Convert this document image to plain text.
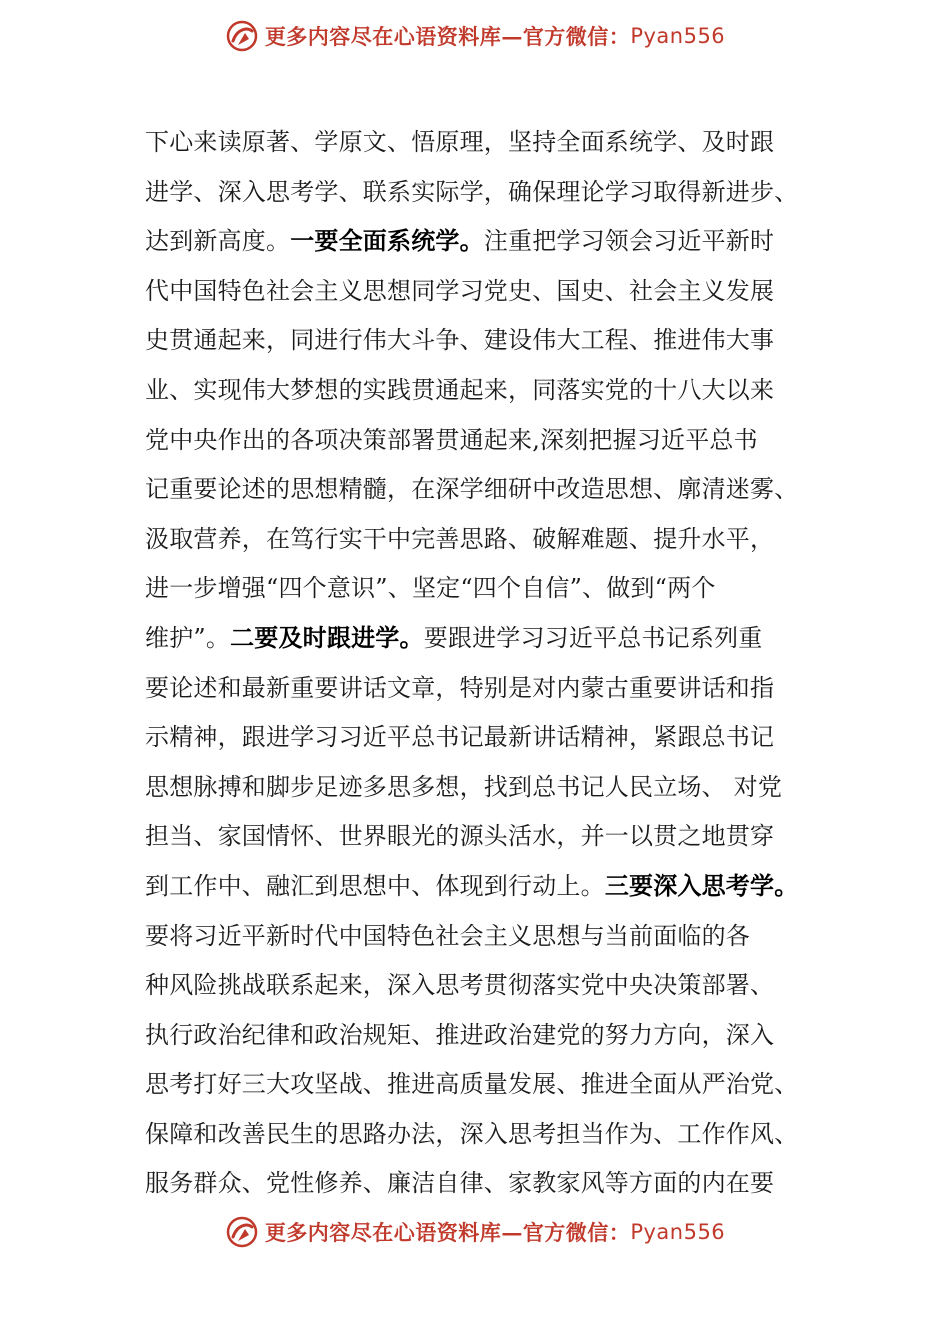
更多内容尽在心语资料库 —官方微信： Pyan556
下心来读原著、学原文、悟原理，坚持全面系统学、及时跟
进学、深入思考学、联系实际学，确保理论学习取得新进步、
达到新高度。一要全面系统学。注重把学习领会习近平新时
代中国特色社会主义思想同学习党史、国史、社会主义发展
史贯通起来，同进行伟大斗争、建设伟大工程、推进伟大事
业、实现伟大梦想的实践贯通起来，同落实党的十八大以来
党中央作出的各项决策部署贯通起来,深刻把握习近平总书
记重要论述的思想精髓，在深学细研中改造思想、廓清迷雾、
汲取营养，在笃行实干中完善思路、破解难题、提升水平，
进一步增强“四个意识”、坚定“四个自信”、做到“两个
维护”。二要及时跟进学。要跟进学习习近平总书记系列重
要论述和最新重要讲话文章，特别是对内蒙古重要讲话和指
示精神，跟进学习习近平总书记最新讲话精神，紧跟总书记
思想脉搏和脚步足迹多思多想，找到总书记人民立场、 对党
担当、家国情怀、世界眼光的源头活水，并一以贯之地贯穿
到工作中、融汇到思想中、体现到行动上。三要深入思考学。
要将习近平新时代中国特色社会主义思想与当前面临的各
种风险挑战联系起来，深入思考贯彻落实党中央决策部署、
执行政治纪律和政治规矩、推进政治建党的努力方向，深入
思考打好三大攻坚战、推进高质量发展、推进全面从严治党、
保障和改善民生的思路办法，深入思考担当作为、工作作风、
服务群众、党性修养、廉洁自律、家教家风等方面的内在要
更多内容尽在心语资料库 —官方微信： Pyan556
